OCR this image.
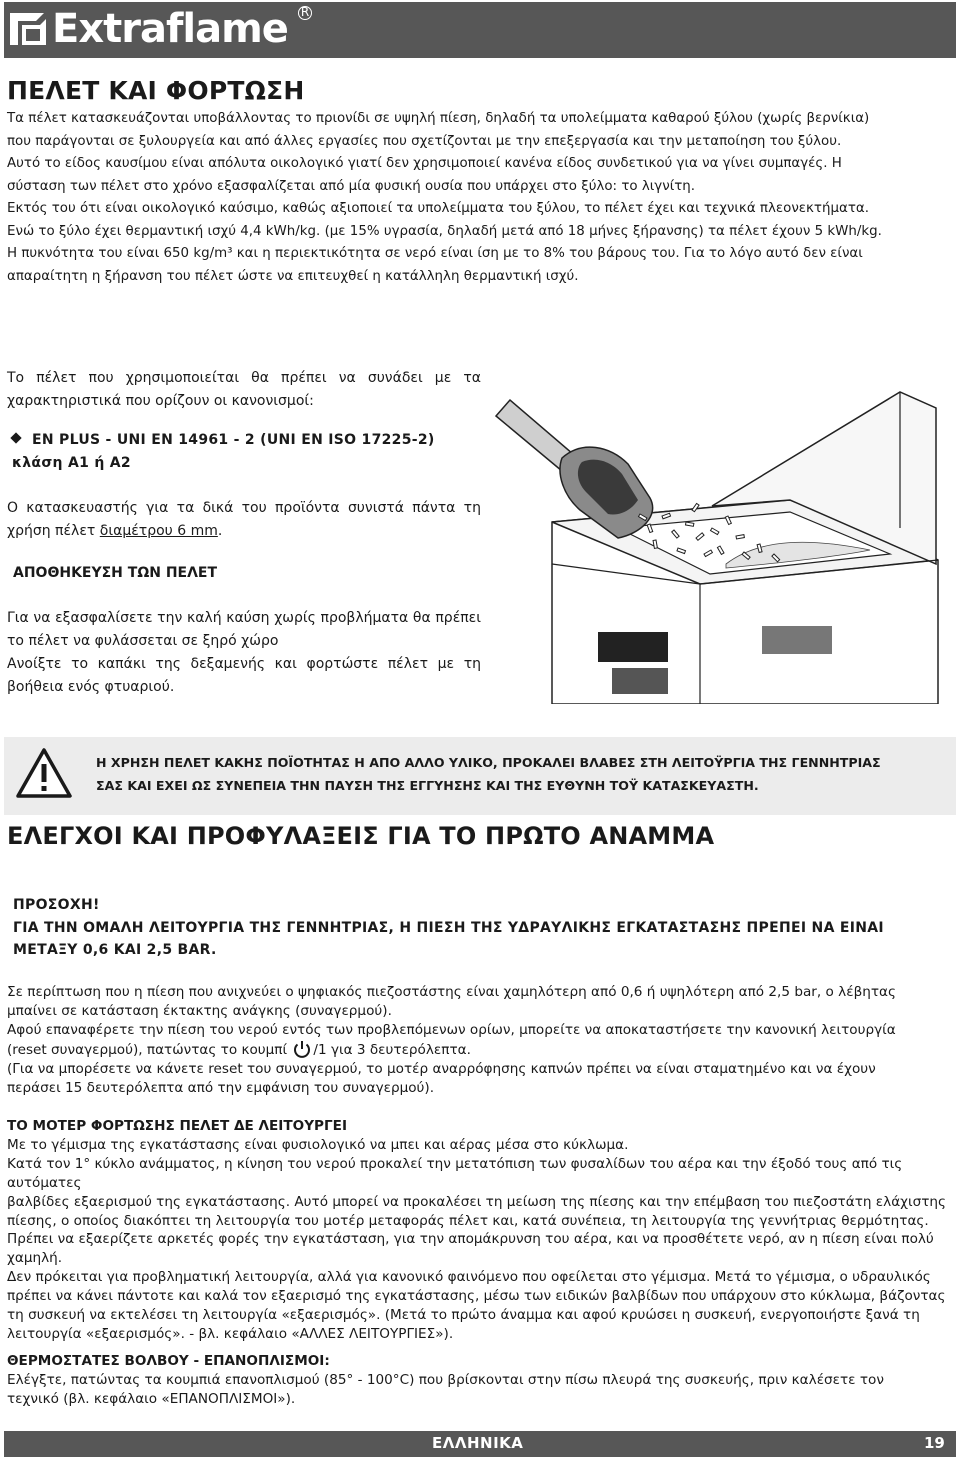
Extraflame R
ΠΕΛΕΤ ΚΑΙ ΦΟΡΤΩΣΗ
Τα πέλετ κατασκευάζονται υποβάλλοντας το πριονίδι σε υψηλή πίεση, δηλαδή τα υπολείμματα καθαρού ξύλου (χωρίς βερνίκια)
που παράγονται σε ξυλουργεία και από άλλες εργασίες που σχετίζονται με την επεξεργασία και την μεταποίηση του ξύλου.
Αυτό το είδος καυσίμου είναι απόλυτα οικολογικό γιατί δεν χρησιμοποιεί κανένα είδος συνδετικού για να γίνει συμπαγές. Η
σύσταση των πέλετ στο χρόνο εξασφαλίζεται από μία φυσική ουσία που υπάρχει στο ξύλο: το λιγνίτη.
Εκτός του ότι είναι οικολογικό καύσιμο, καθώς αξιοποιεί τα υπολείμματα του ξύλου, το πέλετ έχει και τεχνικά πλεονεκτήματα.
Ενώ το ξύλο έχει θερμαντική ισχύ 4,4 kWh/kg. (με 15% υγρασία, δηλαδή μετά από 18 μήνες ξήρανσης) τα πέλετ έχουν 5 kWh/kg.
Η πυκνότητα του είναι 650 kg/m³ και η περιεκτικότητα σε νερό είναι ίση με το 8% του βάρους του. Για το λόγο αυτό δεν είναι
απαραίτητη η ξήρανση του πέλετ ώστε να επιτευχθεί η κατάλληλη θερμαντική ισχύ.
Το πέλετ που χρησιμοποιείται θα πρέπει να συνάδει με τα χαρακτηριστικά που ορίζουν οι κανονισμοί:
EN PLUS - UNI EN 14961 - 2 (UNI EN ISO 17225-2)
κλάση A1 ή A2
Ο κατασκευαστής για τα δικά του προϊόντα συνιστά πάντα τη χρήση πέλετ διαμέτρου 6 mm.
ΑΠΟΘΗΚΕΥΣΗ ΤΩΝ ΠΕΛΕΤ
Για να εξασφαλίσετε την καλή καύση χωρίς προβλήματα θα πρέπει το πέλετ να φυλάσσεται σε ξηρό χώρο
Ανοίξτε το καπάκι της δεξαμενής και φορτώστε πέλετ με τη βοήθεια ενός φτυαριού.
Η ΧΡΗΣΗ ΠΕΛΕΤ ΚΑΚΗΣ ΠΟΪΟΤΗΤΑΣ Η ΑΠΟ ΑΛΛΟ ΥΛΙΚΟ, ΠΡΟΚΑΛΕΙ ΒΛΑΒΕΣ ΣΤΗ ΛΕΙΤΟΫΡΓΙΑ ΤΗΣ ΓΕΝΝΗΤΡΙΑΣ
ΣΑΣ ΚΑΙ ΕΧΕΙ ΩΣ ΣΥΝΕΠΕΙΑ ΤΗΝ ΠΑΥΣΗ ΤΗΣ ΕΓΓΥΗΣΗΣ ΚΑΙ ΤΗΣ ΕΥΘΥΝΗ ΤΟΫ ΚΑΤΑΣΚΕΥΑΣΤΗ.
ΕΛΕΓΧΟΙ ΚΑΙ ΠΡΟΦΥΛΑΞΕΙΣ ΓΙΑ ΤΟ ΠΡΩΤΟ ΑΝΑΜΜΑ
ΠΡΟΣΟΧΗ!
ΓΙΑ ΤΗΝ ΟΜΑΛΗ ΛΕΙΤΟΥΡΓΙΑ ΤΗΣ ΓΕΝΝΗΤΡΙΑΣ, Η ΠΙΕΣΗ ΤΗΣ ΥΔΡΑΥΛΙΚΗΣ ΕΓΚΑΤΑΣΤΑΣΗΣ ΠΡΕΠΕΙ ΝΑ ΕΙΝΑΙ
ΜΕΤΑΞΥ 0,6 ΚΑΙ 2,5 BAR.
Σε περίπτωση που η πίεση που ανιχνεύει ο ψηφιακός πιεζοστάστης είναι χαμηλότερη από 0,6 ή υψηλότερη από 2,5 bar, ο λέβητας
μπαίνει σε κατάσταση έκτακτης ανάγκης (συναγερμού).
Αφού επαναφέρετε την πίεση του νερού εντός των προβλεπόμενων ορίων, μπορείτε να αποκαταστήσετε την κανονική λειτουργία
(reset συναγερμού), πατώντας το κουμπί /1 για 3 δευτερόλεπτα.
(Για να μπορέσετε να κάνετε reset του συναγερμού, το μοτέρ αναρρόφησης καπνών πρέπει να είναι σταματημένο και να έχουν
περάσει 15 δευτερόλεπτα από την εμφάνιση του συναγερμού).
ΤΟ ΜΟΤΕΡ ΦΟΡΤΩΣΗΣ ΠΕΛΕΤ ΔΕ ΛΕΙΤΟΥΡΓΕΙ
Με το γέμισμα της εγκατάστασης είναι φυσιολογικό να μπει και αέρας μέσα στο κύκλωμα.
Κατά τον 1° κύκλο ανάμματος, η κίνηση του νερού προκαλεί την μετατόπιση των φυσαλίδων του αέρα και την έξοδό τους από τις αυτόματες
βαλβίδες εξαερισμού της εγκατάστασης. Αυτό μπορεί να προκαλέσει τη μείωση της πίεσης και την επέμβαση του πιεζοστάτη ελάχιστης
πίεσης, ο οποίος διακόπτει τη λειτουργία του μοτέρ μεταφοράς πέλετ και, κατά συνέπεια, τη λειτουργία της γεννήτριας θερμότητας.
Πρέπει να εξαερίζετε αρκετές φορές την εγκατάσταση, για την απομάκρυνση του αέρα, και να προσθέτετε νερό, αν η πίεση είναι πολύ
χαμηλή.
Δεν πρόκειται για προβληματική λειτουργία, αλλά για κανονικό φαινόμενο που οφείλεται στο γέμισμα. Μετά το γέμισμα, ο υδραυλικός
πρέπει να κάνει πάντοτε και καλά τον εξαερισμό της εγκατάστασης, μέσω των ειδικών βαλβίδων που υπάρχουν στο κύκλωμα, βάζοντας
τη συσκευή να εκτελέσει τη λειτουργία «εξαερισμός». (Μετά το πρώτο άναμμα και αφού κρυώσει η συσκευή, ενεργοποιήστε ξανά τη
λειτουργία «εξαερισμός». - βλ. κεφάλαιο «ΑΛΛΕΣ ΛΕΙΤΟΥΡΓΙΕΣ»).
ΘΕΡΜΟΣΤΑΤΕΣ ΒΟΛΒΟΥ - ΕΠΑΝΟΠΛΙΣΜΟΙ:
Ελέγξτε, πατώντας τα κουμπιά επανοπλισμού (85° - 100°C) που βρίσκονται στην πίσω πλευρά της συσκευής, πριν καλέσετε τον
τεχνικό (βλ. κεφάλαιο «ΕΠΑΝΟΠΛΙΣΜΟΙ»).
ΕΛΛΗΝΙΚΑ	19
